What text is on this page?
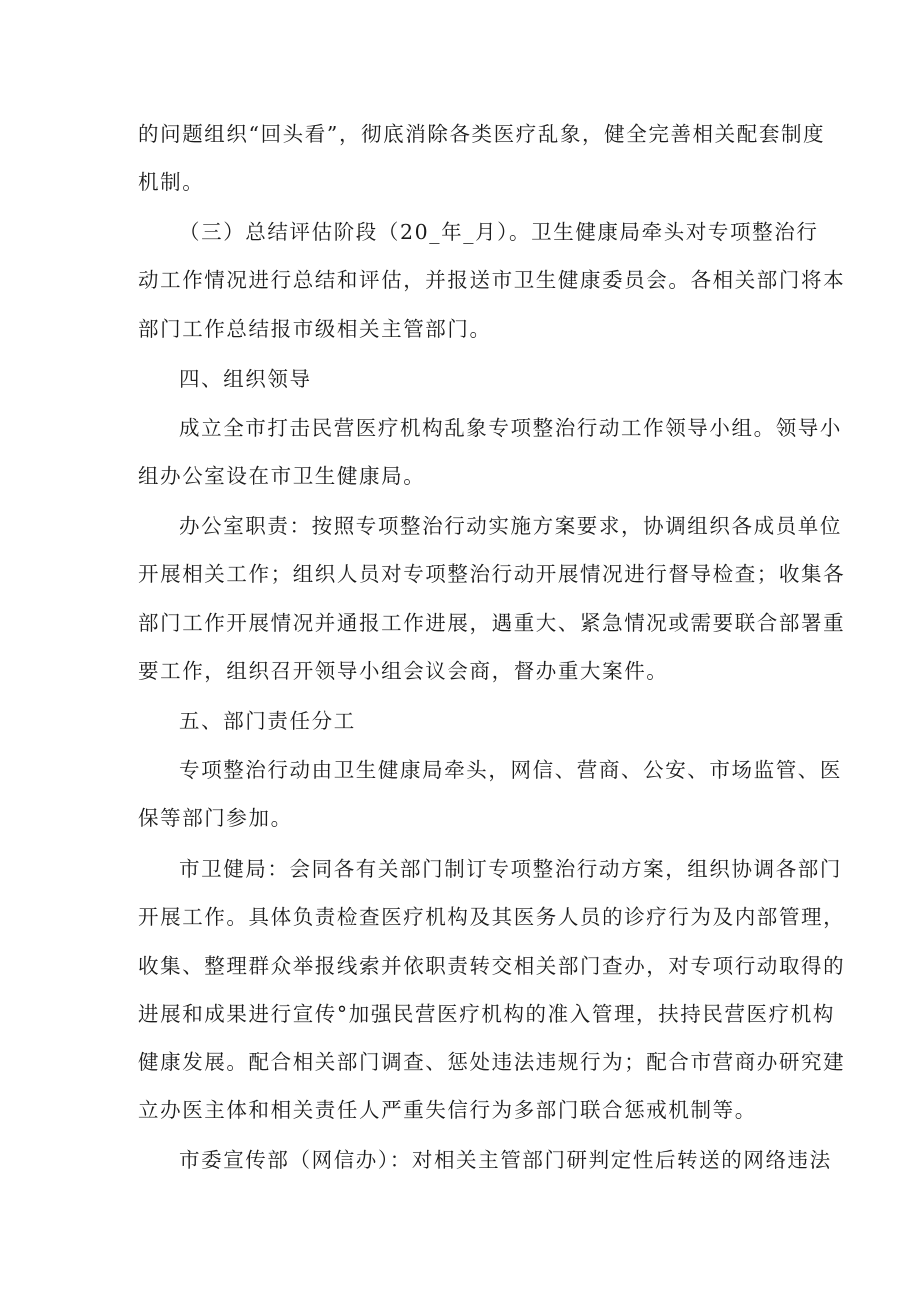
的问题组织“回头看”，彻底消除各类医疗乱象，健全完善相关配套制度
机制。
（三）总结评估阶段（20_年_月）。卫生健康局牵头对专项整治行
动工作情况进行总结和评估，并报送市卫生健康委员会。各相关部门将本
部门工作总结报市级相关主管部门。
四、组织领导
成立全市打击民营医疗机构乱象专项整治行动工作领导小组。领导小
组办公室设在市卫生健康局。
办公室职责：按照专项整治行动实施方案要求，协调组织各成员单位
开展相关工作；组织人员对专项整治行动开展情况进行督导检查；收集各
部门工作开展情况并通报工作进展，遇重大、紧急情况或需要联合部署重
要工作，组织召开领导小组会议会商，督办重大案件。
五、部门责任分工
专项整治行动由卫生健康局牵头，网信、营商、公安、市场监管、医
保等部门参加。
市卫健局：会同各有关部门制订专项整治行动方案，组织协调各部门
开展工作。具体负责检查医疗机构及其医务人员的诊疗行为及内部管理，
收集、整理群众举报线索并依职责转交相关部门查办，对专项行动取得的
进展和成果进行宣传°加强民营医疗机构的准入管理，扶持民营医疗机构
健康发展。配合相关部门调查、惩处违法违规行为；配合市营商办研究建
立办医主体和相关责任人严重失信行为多部门联合惩戒机制等。
市委宣传部（网信办）：对相关主管部门研判定性后转送的网络违法
